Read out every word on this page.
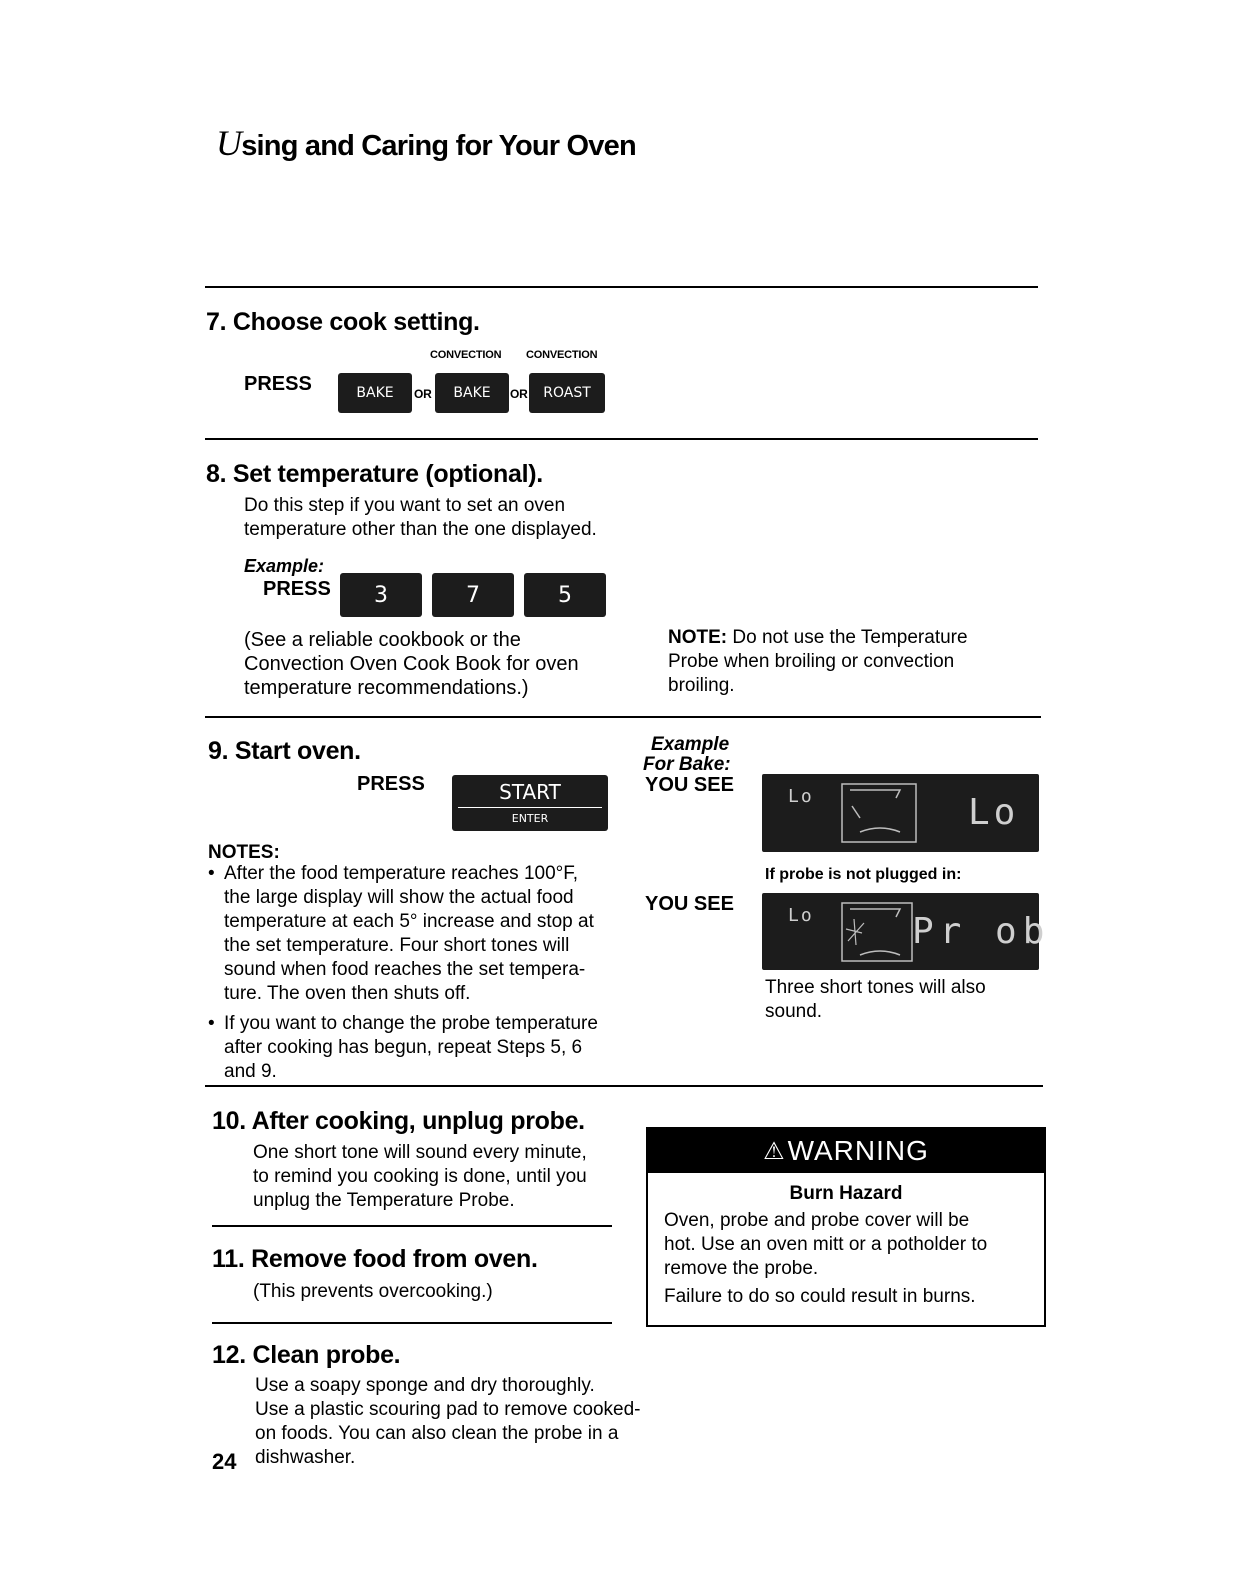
Using and Caring for Your Oven
7. Choose cook setting.
CONVECTION CONVECTION
PRESS	BAKE	OR	BAKE	OR	ROAST
8. Set temperature (optional).
Do this step if you want to set an oven
temperature other than the one displayed.
Example:
PRESS	3	7	5
(See a reliable cookbook or the
Convection Oven Cook Book for oven
temperature recommendations.)
NOTE: Do not use the Temperature
Probe when broiling or convection
broiling.
9. Start oven.
PRESS	START
ENTER
NOTES:
• After the food temperature reaches 100°F,
the large display will show the actual food
temperature at each 5° increase and stop at
the set temperature. Four short tones will
sound when food reaches the set tempera-
ture. The oven then shuts off.
• If you want to change the probe temperature
after cooking has begun, repeat Steps 5, 6
and 9.
Example
For Bake:
YOU SEE
Lo	Lo
If probe is not plugged in:
YOU SEE
Lo	Pr ob
Three short tones will also
sound.
10. After cooking, unplug probe.
One short tone will sound every minute,
to remind you cooking is done, until you
unplug the Temperature Probe.
11. Remove food from oven.
(This prevents overcooking.)
12. Clean probe.
Use a soapy sponge and dry thoroughly.
Use a plastic scouring pad to remove cooked-
on foods. You can also clean the probe in a
dishwasher.
⚠ WARNING
Burn Hazard
Oven, probe and probe cover will be
hot. Use an oven mitt or a potholder to
remove the probe.
Failure to do so could result in burns.
24
